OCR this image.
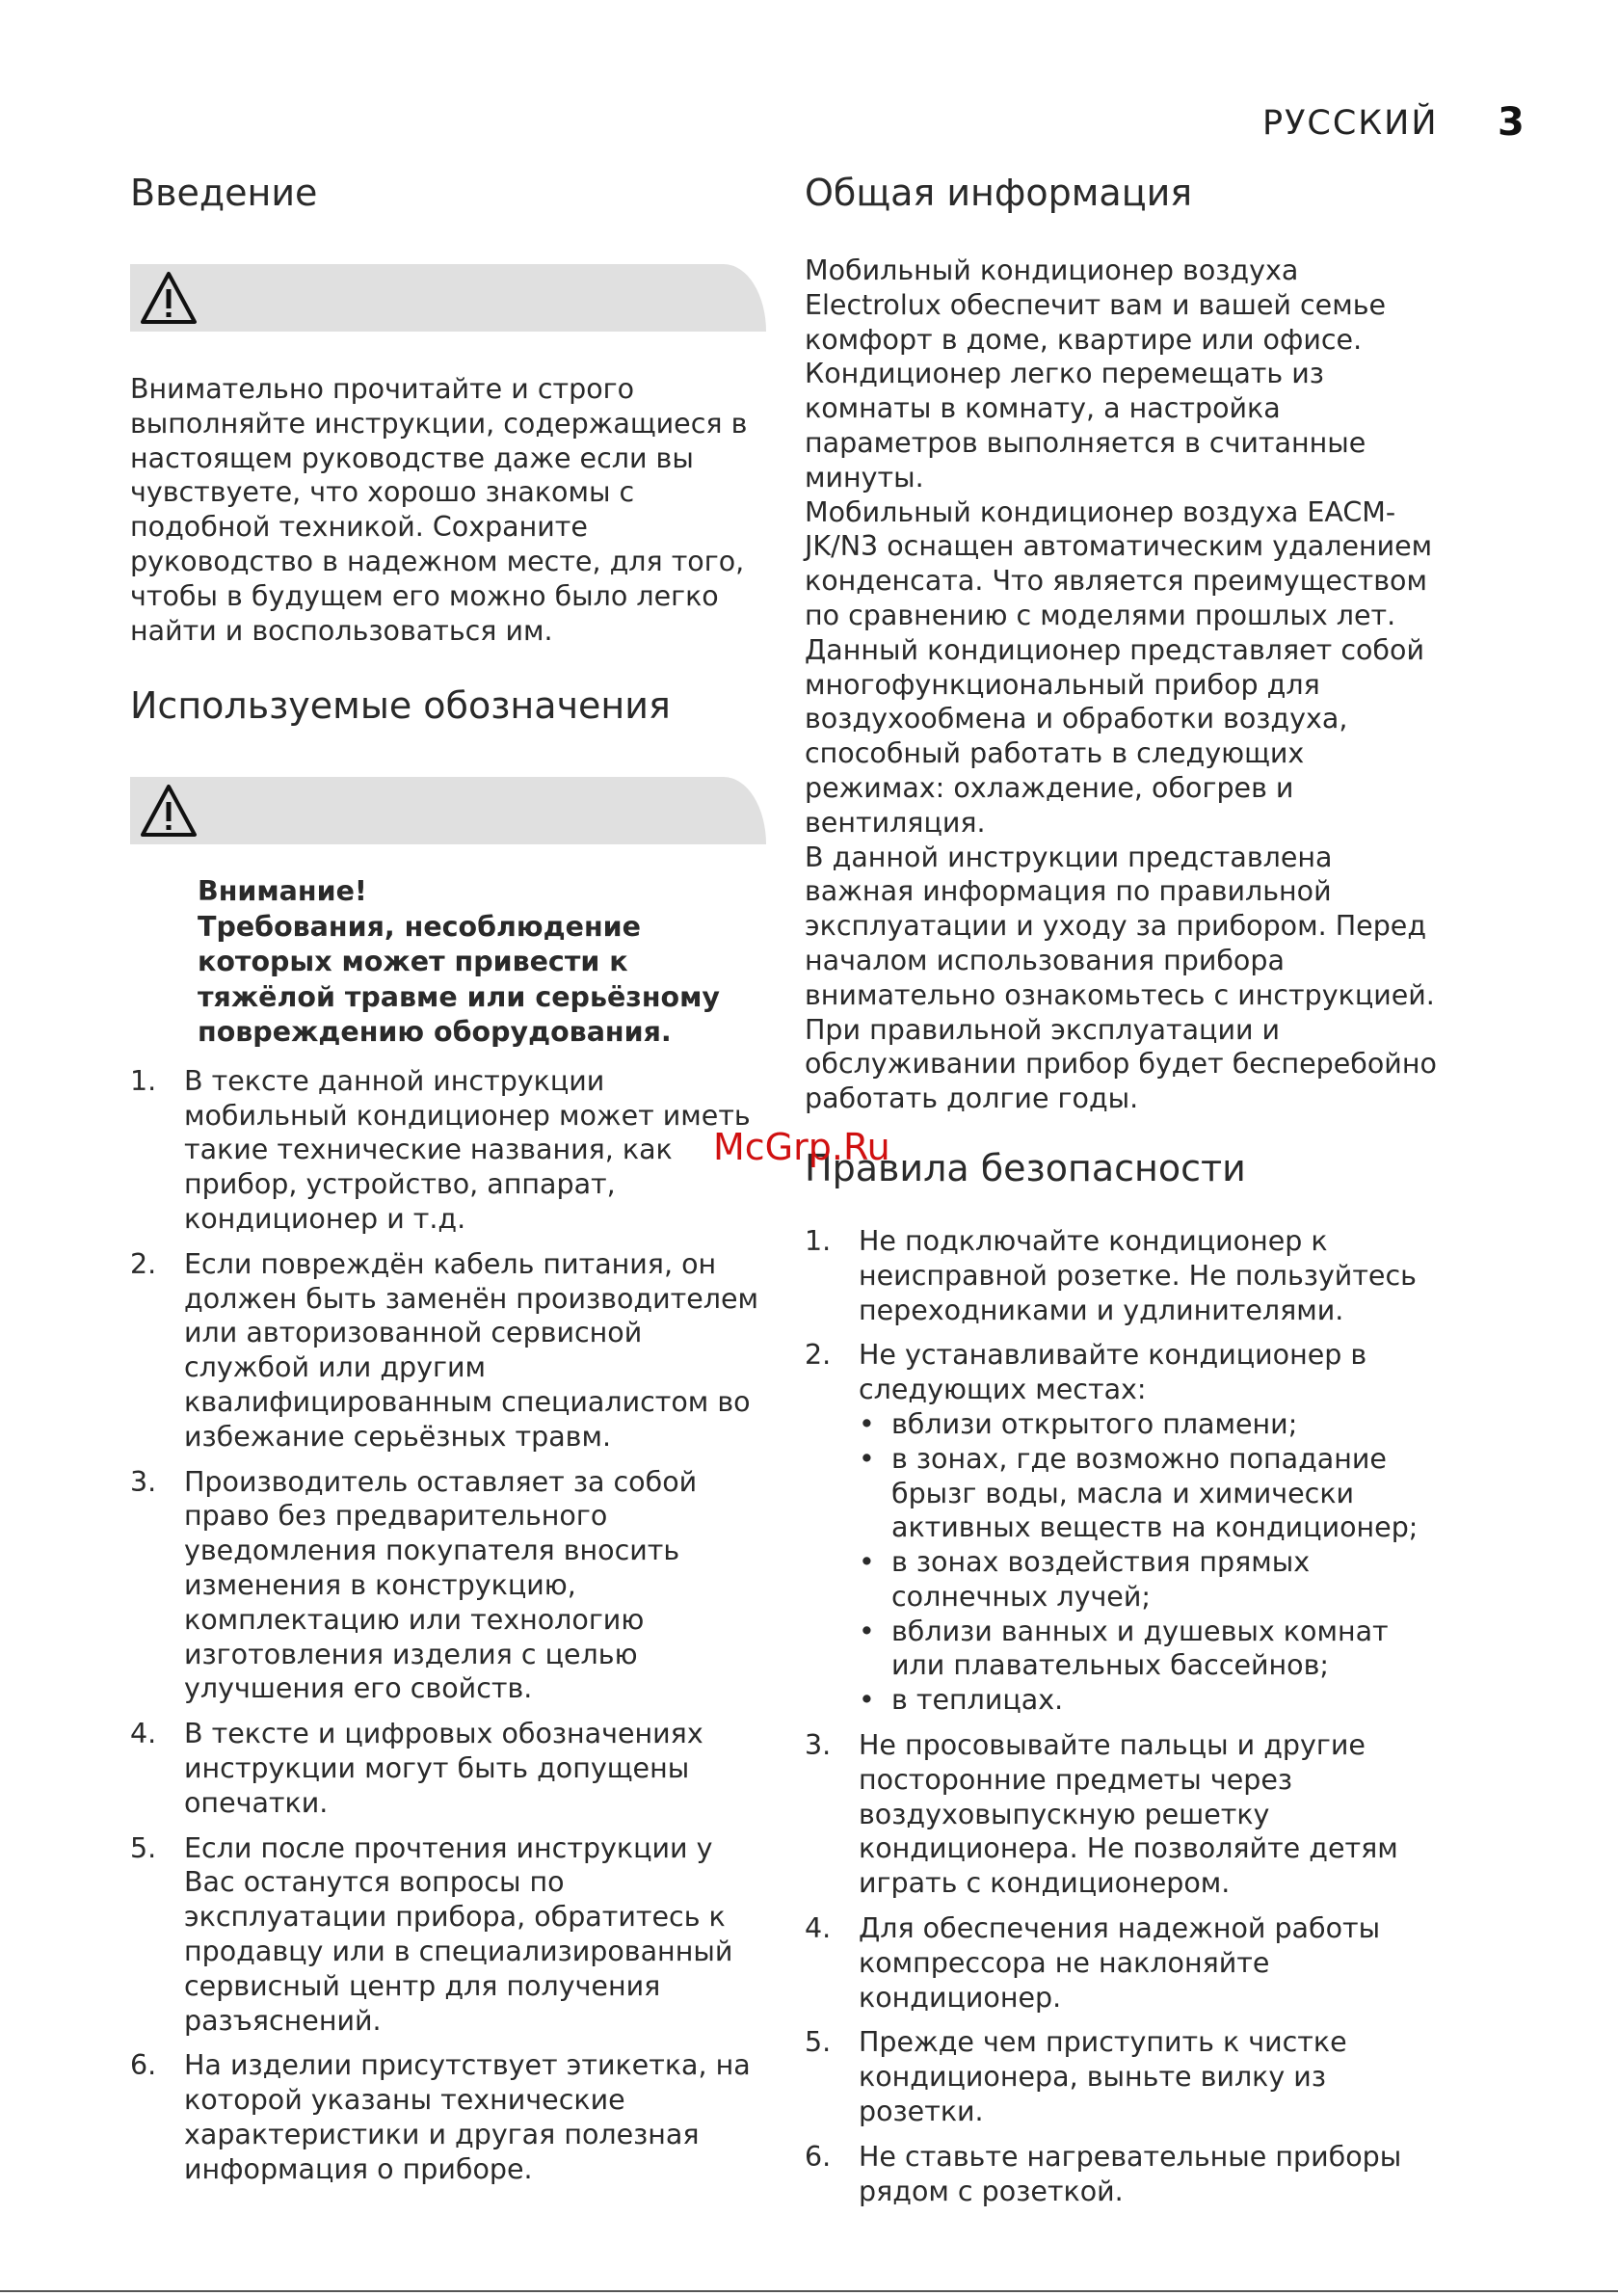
РУССКИЙ 3
Введение

Внимательно прочитайте и строго выполняйте инструкции, содержащиеся в настоящем руководстве даже если вы чувствуете, что хорошо знакомы с подобной техникой. Сохраните руководство в надежном месте, для того, чтобы в будущем его можно было легко найти и воспользоваться им.

Используемые обозначения
Внимание!
Требования, несоблюдение которых может привести к тяжёлой травме или серьёзному повреждению оборудования.
1. В тексте данной инструкции мобильный кондиционер может иметь такие технические названия, как прибор, устройство, аппарат, кондиционер и т.д.
2. Если повреждён кабель питания, он должен быть заменён производителем или авторизованной сервисной службой или другим квалифицированным специалистом во избежание серьёзных травм.
3. Производитель оставляет за собой право без предварительного уведомления покупателя вносить изменения в конструкцию, комплектацию или технологию изготовления изделия с целью улучшения его свойств.
4. В тексте и цифровых обозначениях инструкции могут быть допущены опечатки.
5. Если после прочтения инструкции у Вас останутся вопросы по эксплуатации прибора, обратитесь к продавцу или в специализированный сервисный центр для получения разъяснений.
6. На изделии присутствует этикетка, на которой указаны технические характеристики и другая полезная информация о приборе.
Общая информация

Мобильный кондиционер воздуха Electrolux обеспечит вам и вашей семье комфорт в доме, квартире или офисе. Кондиционер легко перемещать из комнаты в комнату, а настройка параметров выполняется в считанные минуты.

Мобильный кондиционер воздуха EACM-JK/N3 оснащен автоматическим удалением конденсата. Что является преимуществом по сравнению с моделями прошлых лет.

Данный кондиционер представляет собой многофункциональный прибор для воздухообмена и обработки воздуха, способный работать в следующих режимах: охлаждение, обогрев и вентиляция.

В данной инструкции представлена важная информация по правильной эксплуатации и уходу за прибором. Перед началом использования прибора внимательно ознакомьтесь с инструкцией. При правильной эксплуатации и обслуживании прибор будет бесперебойно работать долгие годы.

Правила безопасности
1. Не подключайте кондиционер к неисправной розетке. Не пользуйтесь переходниками и удлинителями.
2. Не устанавливайте кондиционер в следующих местах:
• вблизи открытого пламени;
• в зонах, где возможно попадание брызг воды, масла и химически активных веществ на кондиционер;
• в зонах воздействия прямых солнечных лучей;
• вблизи ванных и душевых комнат или плавательных бассейнов;
• в теплицах.
3. Не просовывайте пальцы и другие посторонние предметы через воздуховыпускную решетку кондиционера. Не позволяйте детям играть с кондиционером.
4. Для обеспечения надежной работы компрессора не наклоняйте кондиционер.
5. Прежде чем приступить к чистке кондиционера, выньте вилку из розетки.
6. Не ставьте нагревательные приборы рядом с розеткой.
McGrp.Ru
